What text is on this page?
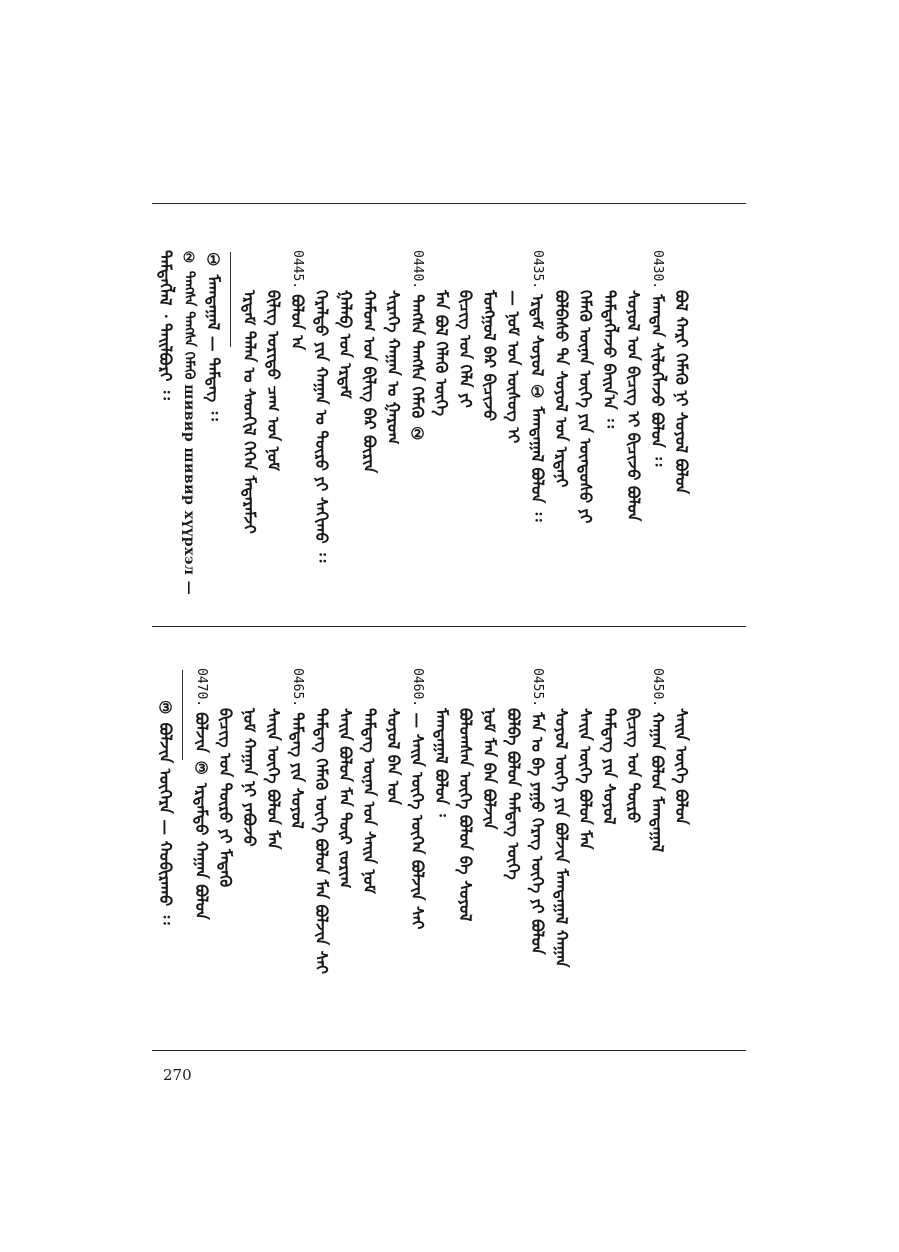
ᠲᠡᠮᠳᠡᠭ᠌ᠯᠡᠯ ᠂ ᠲᠠᠢᠯᠪᠤᠷᠢ ᠄᠄ ② ᠲᠠᠩᠰᠠ ᠲᠠᠩᠰᠠ ᠬᠡᠮᠡᠬᠦ шивир шивир хүүрхэл — ① ᠮᠠᠭᠲᠠᠭᠠᠯ — ᠲᠡᠮᠳᠡᠭ ᠄᠄ ᠡᠷᠳᠡᠮ ᠲᠠᠯᠠᠨ ᠤ ᠰᠡᠳᠬᠢᠯ ᠭᠡᠭᠡᠨ ᠮᠡᠳᠡᠷᠡᠮᠵᠢ ᠪᠢᠯᠢᠭ ᠤᠷᠢᠳᠤ ᠴᠠᠭ ᠤᠨ ᠨᠣᠮ
0445. ᠪᠣᠯᠤᠨ ᠠ ᠭᠡᠷᠡᠯᠲᠦ ᠶᠢᠨ ᠬᠠᠭᠠᠨ ᠤ ᠲᠥᠷᠦ ᠶᠢ ᠰᠠᠬᠢᠬᠤ ᠄᠄ ᠭᠠᠯᠠᠪ ᠤᠨ ᠡᠷᠳᠡᠮ ᠬᠠᠮᠤᠭ ᠤᠨ ᠪᠢᠯᠢᠭ ᠪᠠᠷ ᠪᠦᠷᠢᠨ ᠰᠢᠷᠡᠭᠡ ᠬᠠᠭᠠᠨ ᠤ ᠭᠠᠷᠤᠭ
0440. ᠲᠠᠩᠰᠠ ᠲᠠᠩᠰᠠ ᠬᠡᠮᠡᠬᠦ ② ᠮᠡᠨ ᠪᠣᠯ ᠬᠡᠯᠡᠬᠦ ᠦᠬᠡ ᠪᠢᠴᠢᠭ ᠤᠨ ᠬᠡᠯᠡ ᠶᠢ ᠮᠣᠩᠭᠣᠯ ᠪᠠᠷ ᠪᠢᠴᠢᠵᠦ — ᠨᠣᠮ ᠤᠨ ᠦᠰᠦᠭ ᠢ
0435. ᠡᠷᠳᠡᠮ ᠰᠣᠶᠣᠯ ① ᠮᠠᠭᠲᠠᠭᠠᠯ ᠪᠣᠯᠤᠨ ᠄᠄ ᠪᠣᠯᠪᠠᠰᠤ ᠲᠠ ᠰᠣᠶᠣᠯ ᠤᠨ ᠡᠷᠳᠡᠨᠢ ᠬᠡᠮᠡᠬᠦ ᠦᠨᠡᠨ ᠦᠭᠡ ᠶᠢᠨ ᠦᠨᠳᠦᠰᠦ ᠶᠢ ᠲᠡᠮᠳᠡᠭᠯᠡᠵᠦ ᠪᠠᠢᠨ᠎ᠠ ᠄᠄ ᠰᠣᠶᠣᠯ ᠤᠨ ᠪᠢᠴᠢᠭ ᠢ ᠪᠢᠴᠢᠵᠦ ᠪᠣᠯᠤᠨ
0430. ᠮᠠᠭᠲᠠᠨ ᠰᠢᠯᠦᠭᠯᠡᠵᠦ ᠪᠣᠯᠤᠨ ᠄᠄ ᠪᠣᠯ ᠬᠠᠷᠢ ᠬᠡᠮᠡᠬᠦ ᠨᠢ ᠰᠣᠶᠣᠯ ᠪᠣᠯᠤᠨ
③ ᠪᠣᠯᠵᠢᠨ ᠥᠭᠡᠷᠡ — ᠬᠤᠪᠢᠷᠠᠬᠤ ᠄᠄
0470. ᠪᠣᠯᠵᠢᠨ ③ ᠡᠷᠳᠡᠮᠲᠦ ᠬᠠᠭᠠᠨ ᠪᠣᠯᠤᠨ ᠪᠢᠴᠢᠭ ᠤᠨ ᠲᠥᠷᠦ ᠶᠢ ᠮᠡᠳᠡᠬᠦ ᠨᠣᠮ ᠬᠠᠭᠠᠨ ᠨᠢ ᠶᠠᠪᠤᠵᠤ ᠰᠠᠢᠨ ᠦᠭᠡ ᠪᠣᠯᠤᠨ ᠮᠠᠨ
0465. ᠲᠡᠮᠳᠡᠭ ᠶᠢᠨ ᠰᠣᠶᠣᠯ ᠲᠡᠮᠳᠡᠭ ᠬᠡᠮᠡᠬᠦ ᠦᠭᠡ ᠪᠣᠯᠤᠨ ᠮᠠᠨ ᠪᠣᠯᠵᠢᠨ ᠰᠠᠢ ᠰᠠᠢᠨ ᠪᠣᠯᠤᠨ ᠮᠠᠨ ᠲᠦᠷ ᠵᠣᠷᠢᠭ ᠲᠡᠮᠳᠡᠭ ᠦᠨᠡᠨ ᠤᠨ ᠰᠠᠢᠨ ᠨᠣᠮ ᠰᠣᠶᠣᠯ ᠪᠠᠨ ᠤᠨ
0460. — ᠰᠠᠢᠨ ᠦᠭᠡ ᠦᠭᠡᠨ ᠪᠣᠯᠵᠢᠨ ᠰᠠᠢ ᠮᠠᠭᠲᠠᠭᠠᠯ ᠪᠣᠯᠤᠨ ᠄ ᠪᠣᠯᠤᠭᠰᠠᠨ ᠦᠭᠡ ᠪᠣᠯᠤᠨ ᠪᠠ ᠰᠣᠶᠣᠯ ᠨᠣᠮ ᠮᠠᠨ ᠪᠠᠨ ᠪᠣᠯᠵᠢᠨ ᠪᠣᠯᠪᠠ ᠪᠣᠯᠤᠨ ᠲᠡᠮᠳᠡᠭ ᠦᠭᠡ
0455. ᠮᠠᠨ ᠤ ᠪᠠ ᠶᠠᠭᠤ ᠬᠡᠷᠡᠭ ᠦᠭᠡ ᠶᠢ ᠪᠣᠯᠤᠨ ᠰᠣᠶᠣᠯ ᠦᠭᠡ ᠶᠢᠨ ᠪᠣᠯᠵᠢᠨ ᠮᠠᠭᠲᠠᠭᠠᠯ ᠬᠠᠭᠠᠨ ᠰᠠᠢᠨ ᠦᠭᠡ ᠪᠣᠯᠤᠨ ᠮᠠᠨ ᠲᠡᠮᠳᠡᠭ ᠶᠢᠨ ᠰᠣᠶᠣᠯ ᠪᠢᠴᠢᠭ ᠤᠨ ᠲᠥᠷᠦ
0450. ᠬᠠᠭᠠᠨ ᠪᠣᠯᠤᠨ ᠮᠠᠭᠲᠠᠭᠠᠯ ᠰᠠᠢᠨ ᠦᠭᠡ ᠪᠣᠯᠤᠨ
270
